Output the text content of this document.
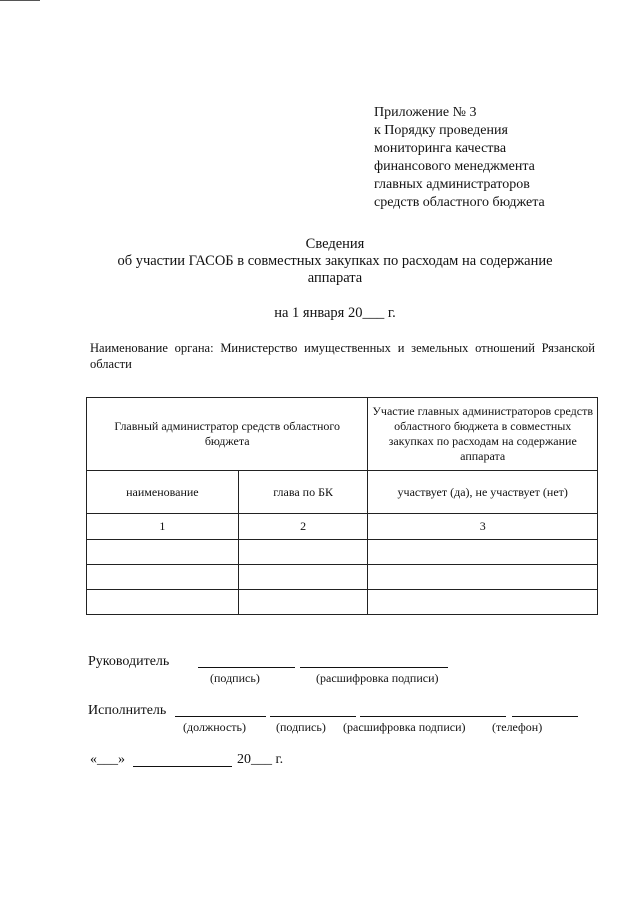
Приложение № 3
к Порядку проведения
мониторинга качества
финансового менеджмента
главных администраторов
средств областного бюджета
Сведения
об участии ГАСОБ в совместных закупках по расходам на содержание
аппарата
на 1 января 20___ г.
Наименование органа: Министерство имущественных и земельных отношений Рязанской области
Главный администратор средств областного бюджета		Участие главных администраторов средств областного бюджета в совместных закупках по расходам на содержание аппарата
наименование	глава по БК	участвует (да), не участвует (нет)
1	2	3

Руководитель
(подпись)	(расшифровка подписи)
Исполнитель
(должность)	(подпись) (расшифровка подписи) (телефон)
«___»	20___ г.
